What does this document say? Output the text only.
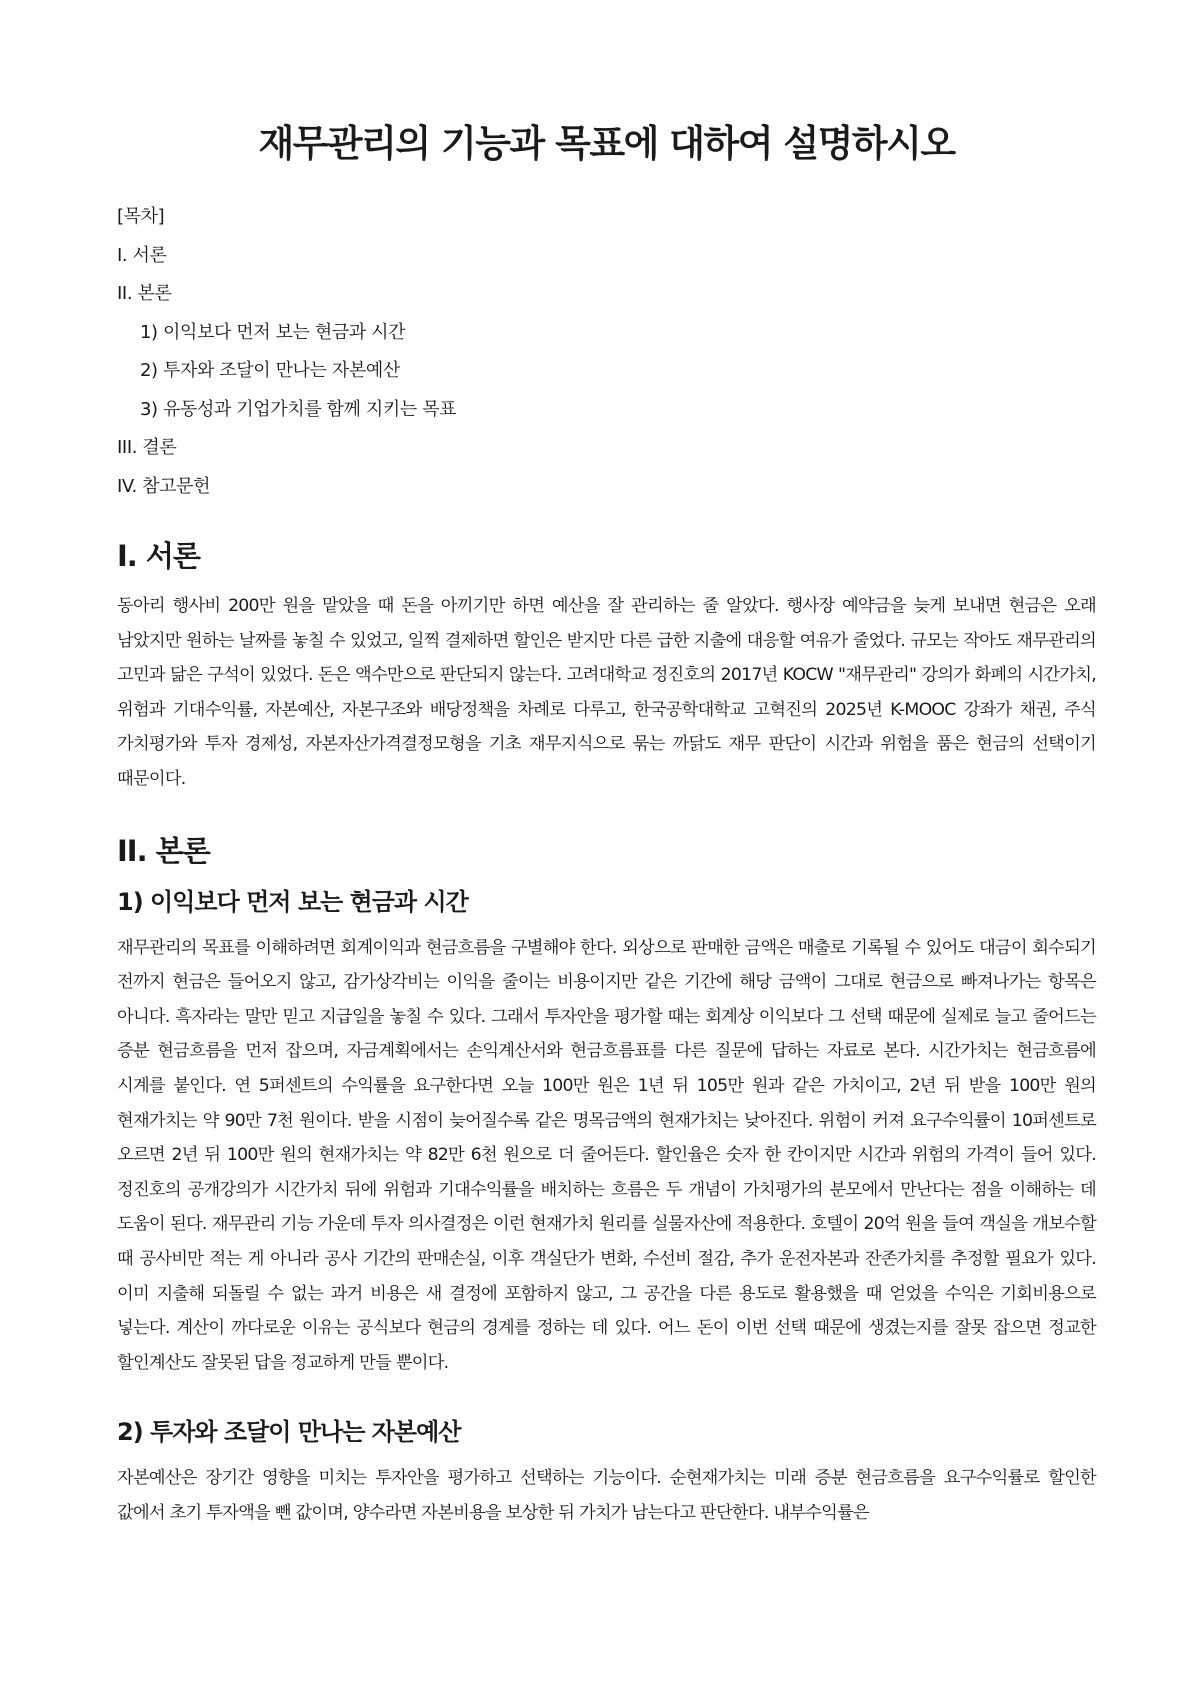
재무관리의 기능과 목표에 대하여 설명하시오
[목차]
I. 서론
II. 본론
1) 이익보다 먼저 보는 현금과 시간
2) 투자와 조달이 만나는 자본예산
3) 유동성과 기업가치를 함께 지키는 목표
III. 결론
IV. 참고문헌
I. 서론

동아리 행사비 200만 원을 맡았을 때 돈을 아끼기만 하면 예산을 잘 관리하는 줄 알았다. 행사장 예약금을 늦게 보내면 현금은 오래 남았지만 원하는 날짜를 놓칠 수 있었고, 일찍 결제하면 할인은 받지만 다른 급한 지출에 대응할 여유가 줄었다. 규모는 작아도 재무관리의 고민과 닮은 구석이 있었다. 돈은 액수만으로 판단되지 않는다. 고려대학교 정진호의 2017년 KOCW "재무관리" 강의가 화폐의 시간가치, 위험과 기대수익률, 자본예산, 자본구조와 배당정책을 차례로 다루고, 한국공학대학교 고혁진의 2025년 K-MOOC 강좌가 채권, 주식 가치평가와 투자 경제성, 자본자산가격결정모형을 기초 재무지식으로 묶는 까닭도 재무 판단이 시간과 위험을 품은 현금의 선택이기 때문이다.

II. 본론
1) 이익보다 먼저 보는 현금과 시간

재무관리의 목표를 이해하려면 회계이익과 현금흐름을 구별해야 한다. 외상으로 판매한 금액은 매출로 기록될 수 있어도 대금이 회수되기 전까지 현금은 들어오지 않고, 감가상각비는 이익을 줄이는 비용이지만 같은 기간에 해당 금액이 그대로 현금으로 빠져나가는 항목은 아니다. 흑자라는 말만 믿고 지급일을 놓칠 수 있다. 그래서 투자안을 평가할 때는 회계상 이익보다 그 선택 때문에 실제로 늘고 줄어드는 증분 현금흐름을 먼저 잡으며, 자금계획에서는 손익계산서와 현금흐름표를 다른 질문에 답하는 자료로 본다. 시간가치는 현금흐름에 시계를 붙인다. 연 5퍼센트의 수익률을 요구한다면 오늘 100만 원은 1년 뒤 105만 원과 같은 가치이고, 2년 뒤 받을 100만 원의 현재가치는 약 90만 7천 원이다. 받을 시점이 늦어질수록 같은 명목금액의 현재가치는 낮아진다. 위험이 커져 요구수익률이 10퍼센트로 오르면 2년 뒤 100만 원의 현재가치는 약 82만 6천 원으로 더 줄어든다. 할인율은 숫자 한 칸이지만 시간과 위험의 가격이 들어 있다. 정진호의 공개강의가 시간가치 뒤에 위험과 기대수익률을 배치하는 흐름은 두 개념이 가치평가의 분모에서 만난다는 점을 이해하는 데 도움이 된다. 재무관리 기능 가운데 투자 의사결정은 이런 현재가치 원리를 실물자산에 적용한다. 호텔이 20억 원을 들여 객실을 개보수할 때 공사비만 적는 게 아니라 공사 기간의 판매손실, 이후 객실단가 변화, 수선비 절감, 추가 운전자본과 잔존가치를 추정할 필요가 있다. 이미 지출해 되돌릴 수 없는 과거 비용은 새 결정에 포함하지 않고, 그 공간을 다른 용도로 활용했을 때 얻었을 수익은 기회비용으로 넣는다. 계산이 까다로운 이유는 공식보다 현금의 경계를 정하는 데 있다. 어느 돈이 이번 선택 때문에 생겼는지를 잘못 잡으면 정교한 할인계산도 잘못된 답을 정교하게 만들 뿐이다.

2) 투자와 조달이 만나는 자본예산

자본예산은 장기간 영향을 미치는 투자안을 평가하고 선택하는 기능이다. 순현재가치는 미래 증분 현금흐름을 요구수익률로 할인한 값에서 초기 투자액을 뺀 값이며, 양수라면 자본비용을 보상한 뒤 가치가 남는다고 판단한다. 내부수익률은
